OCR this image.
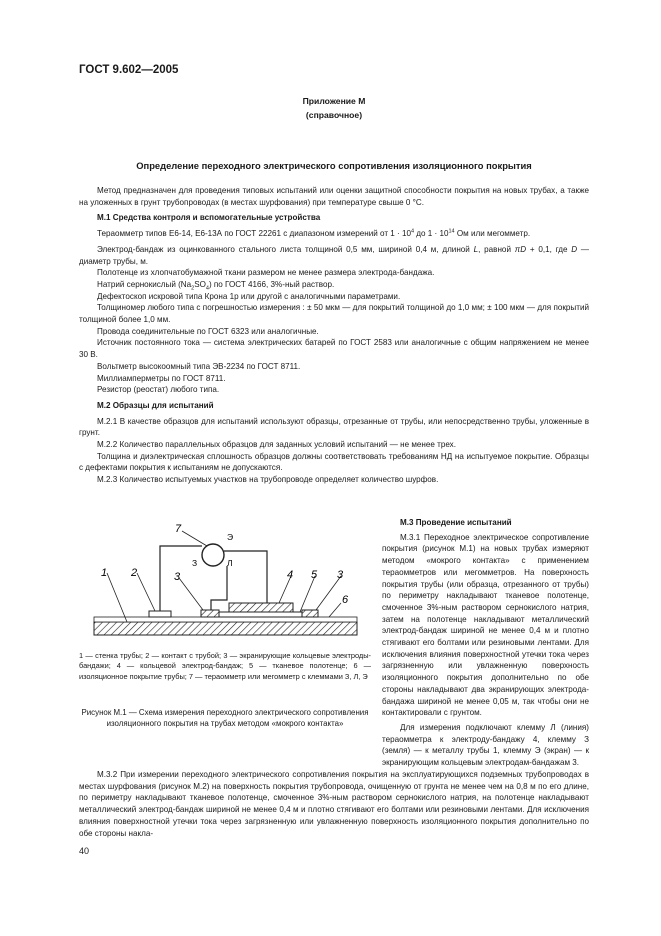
ГОСТ 9.602—2005
Приложение М
(справочное)
Определение переходного электрического сопротивления изоляционного покрытия

Метод предназначен для проведения типовых испытаний или оценки защитной способности покрытия на новых трубах, а также на уложенных в грунт трубопроводах (в местах шурфования) при температуре свыше 0 °С.

М.1 Средства контроля и вспомогательные устройства

Тераомметр типов Е6-14, Е6-13А по ГОСТ 22261 с диапазоном измерений от $1 \cdot 10^4$ до $1 \cdot 10^{14}$ Ом или мегомметр.

Электрод-бандаж из оцинкованного стального листа толщиной 0,5 мм, шириной 0,4 м, длиной L, равной πD + 0,1, где D — диаметр трубы, м.

Полотенце из хлопчатобумажной ткани размером не менее размера электрода-бандажа.

Натрий сернокислый $(Na_2SO_4)$ по ГОСТ 4166, 3%-ный раствор.

Дефектоскоп искровой типа Крона 1р или другой с аналогичными параметрами.

Толщиномер любого типа с погрешностью измерения : ± 50 мкм — для покрытий толщиной до 1,0 мм; ± 100 мкм — для покрытий толщиной более 1,0 мм.

Провода соединительные по ГОСТ 6323 или аналогичные.

Источник постоянного тока — система электрических батарей по ГОСТ 2583 или аналогичные с общим напряжением не менее 30 В.

Вольтметр высокоомный типа ЭВ-2234 по ГОСТ 8711.

Миллиамперметры по ГОСТ 8711.

Резистор (реостат) любого типа.

М.2 Образцы для испытаний

М.2.1 В качестве образцов для испытаний используют образцы, отрезанные от трубы, или непосредственно трубы, уложенные в грунт.

М.2.2 Количество параллельных образцов для заданных условий испытаний — не менее трех.

Толщина и диэлектрическая сплошность образцов должны соответствовать требованиям НД на испытуемое покрытие. Образцы с дефектами покрытия к испытаниям не допускаются.

М.2.3 Количество испытуемых участков на трубопроводе определяет количество шурфов.

1 2	3	4 5 3
6
7
Э
З	Л
1 — стенка трубы; 2 — контакт с трубой; 3 — экранирующие кольцевые электроды-бандажи; 4 — кольцевой электрод-бандаж; 5 — тканевое полотенце; 6 — изоляционное покрытие трубы; 7 — тераомметр или мегомметр с клеммами З, Л, Э
Рисунок М.1 — Схема измерения переходного электрического сопротивления изоляционного покрытия на трубах методом «мокрого контакта»

М.3 Проведение испытаний

М.3.1 Переходное электрическое сопротивление покрытия (рисунок М.1) на новых трубах измеряют методом «мокрого контакта» с применением тераомметров или мегомметров. На поверхность покрытия трубы (или образца, отрезанного от трубы) по периметру накладывают тканевое полотенце, смоченное 3%-ным раствором сернокислого натрия, затем на полотенце накладывают металлический электрод-бандаж шириной не менее 0,4 м и плотно стягивают его болтами или резиновыми лентами. Для исключения влияния поверхностной утечки тока через загрязненную или увлажненную поверхность изоляционного покрытия дополнительно по обе стороны накладывают два экранирующих электрода-бандажа шириной не менее 0,05 м, так чтобы они не контактировали с грунтом.

Для измерения подключают клемму Л (линия) тераомметра к электроду-бандажу 4, клемму З (земля) — к металлу трубы 1, клемму Э (экран) — к экранирующим кольцевым электродам-бандажам 3.

М.3.2 При измерении переходного электрического сопротивления покрытия на эксплуатирующихся подземных трубопроводах в местах шурфования (рисунок М.2) на поверхность покрытия трубопровода, очищенную от грунта не менее чем на 0,8 м по его длине, по периметру накладывают тканевое полотенце, смоченное 3%-ным раствором сернокислого натрия, на полотенце накладывают металлический электрод-бандаж шириной не менее 0,4 м и плотно стягивают его болтами или резиновыми лентами. Для исключения влияния поверхностной утечки тока через загрязненную или увлажненную поверхность изоляционного покрытия дополнительно по обе стороны накла-

40
